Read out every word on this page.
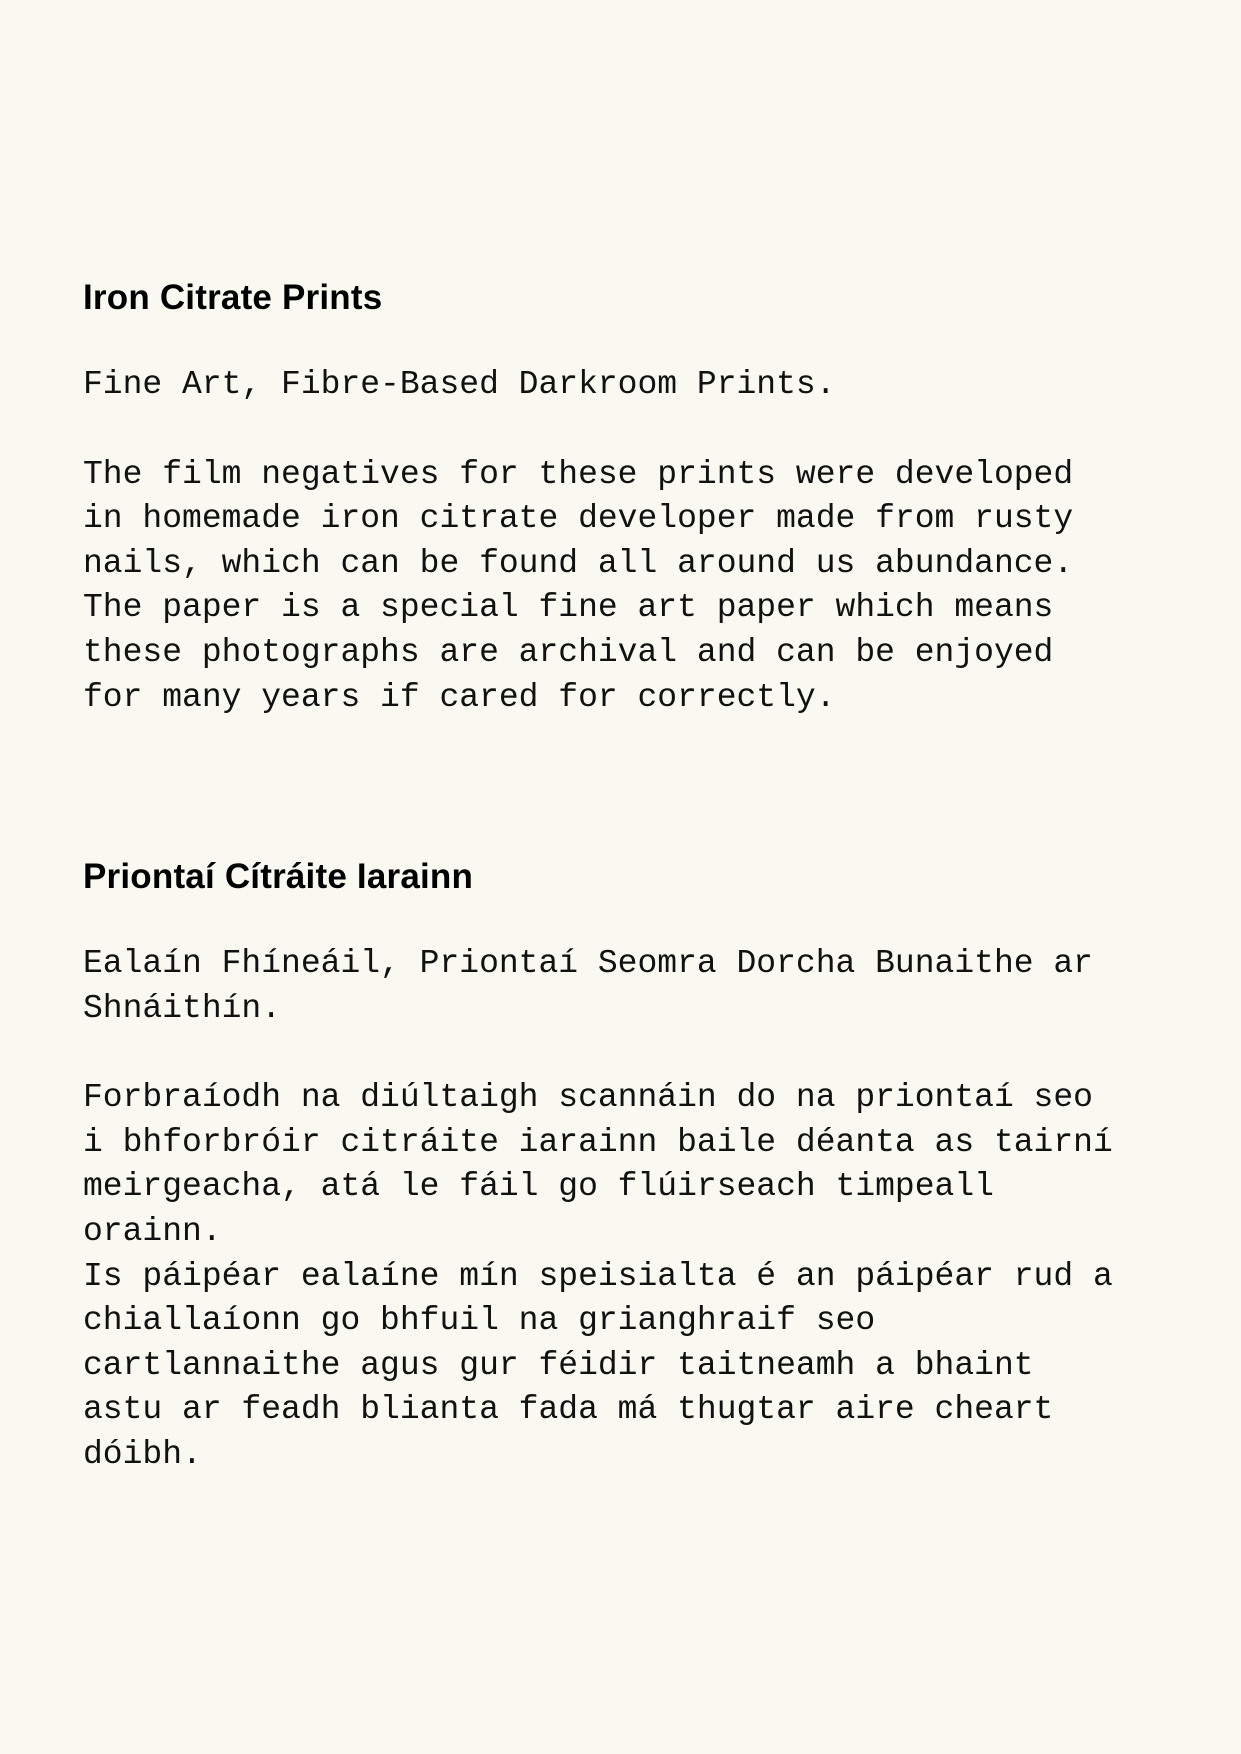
Iron Citrate Prints

Fine Art, Fibre-Based Darkroom Prints.

The film negatives for these prints were developed
in homemade iron citrate developer made from rusty
nails, which can be found all around us abundance.
The paper is a special fine art paper which means
these photographs are archival and can be enjoyed
for many years if cared for correctly.

Priontaí Cítráite Iarainn

Ealaín Fhíneáil, Priontaí Seomra Dorcha Bunaithe ar
Shnáithín.

Forbraíodh na diúltaigh scannáin do na priontaí seo
i bhforbróir citráite iarainn baile déanta as tairní
meirgeacha, atá le fáil go flúirseach timpeall
orainn.
Is páipéar ealaíne mín speisialta é an páipéar rud a
chiallaíonn go bhfuil na grianghraif seo
cartlannaithe agus gur féidir taitneamh a bhaint
astu ar feadh blianta fada má thugtar aire cheart
dóibh.
